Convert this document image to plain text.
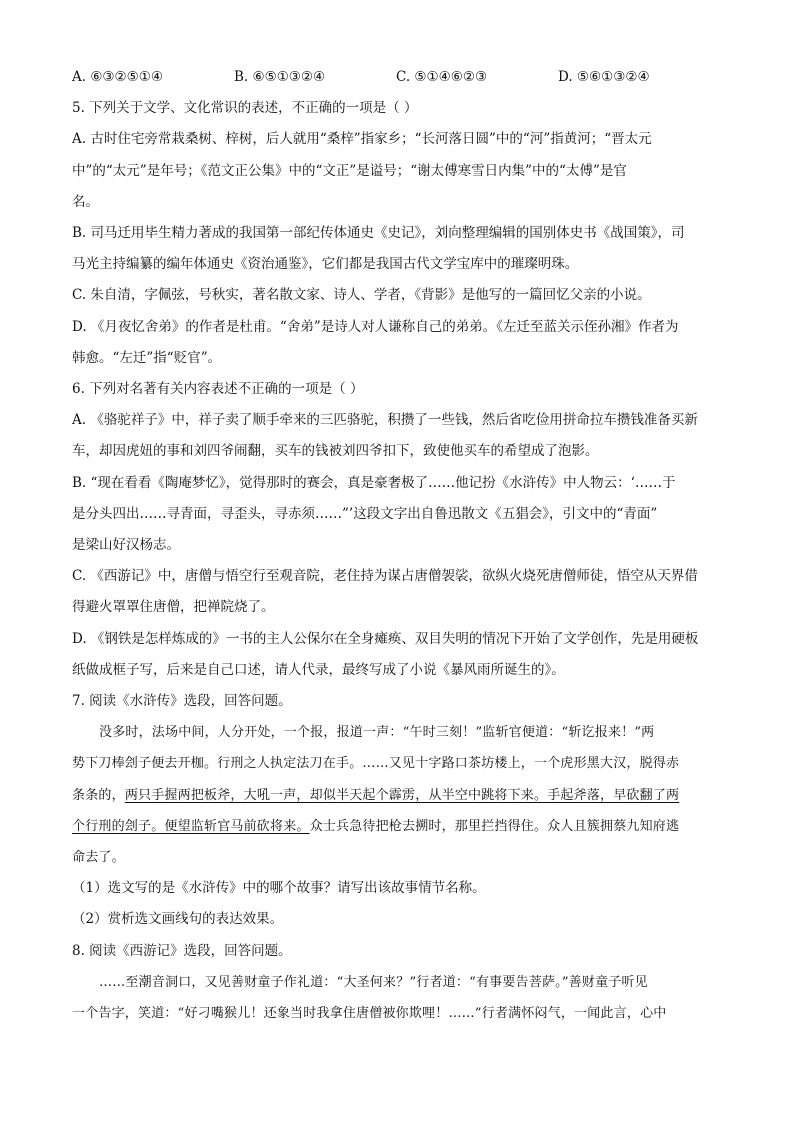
A. ⑥③②⑤①④	B. ⑥⑤①③②④	C. ⑤①④⑥②③	D. ⑤⑥①③②④
5. 下列关于文学、文化常识的表述，不正确的一项是（ ）
A. 古时住宅旁常栽桑树、梓树，后人就用“桑梓”指家乡；“长河落日圆”中的“河”指黄河；“晋太元
中”的“太元”是年号；《范文正公集》中的“文正”是谥号；“谢太傅寒雪日内集”中的“太傅”是官
名。
B. 司马迁用毕生精力著成的我国第一部纪传体通史《史记》，刘向整理编辑的国别体史书《战国策》，司
马光主持编纂的编年体通史《资治通鉴》，它们都是我国古代文学宝库中的璀璨明珠。
C. 朱自清，字佩弦，号秋实，著名散文家、诗人、学者，《背影》是他写的一篇回忆父亲的小说。
D. 《月夜忆舍弟》的作者是杜甫。“舍弟”是诗人对人谦称自己的弟弟。《左迁至蓝关示侄孙湘》作者为
韩愈。“左迁”指“贬官”。
6. 下列对名著有关内容表述不正确的一项是（ ）
A. 《骆驼祥子》中，祥子卖了顺手牵来的三匹骆驼，积攒了一些钱，然后省吃俭用拼命拉车攒钱准备买新
车，却因虎妞的事和刘四爷闹翻，买车的钱被刘四爷扣下，致使他买车的希望成了泡影。
B. “现在看看《陶庵梦忆》，觉得那时的赛会，真是豪奢极了……他记扮《水浒传》中人物云：‘……于
是分头四出……寻青面，寻歪头，寻赤须……”’这段文字出自鲁迅散文《五猖会》，引文中的“青面”
是梁山好汉杨志。
C. 《西游记》中，唐僧与悟空行至观音院，老住持为谋占唐僧袈裟，欲纵火烧死唐僧师徒，悟空从天界借
得避火罩罩住唐僧，把禅院烧了。
D. 《钢铁是怎样炼成的》一书的主人公保尔在全身瘫痪、双目失明的情况下开始了文学创作，先是用硬板
纸做成框子写，后来是自己口述，请人代录，最终写成了小说《暴风雨所诞生的》。
7. 阅读《水浒传》选段，回答问题。
没多时，法场中间，人分开处，一个报，报道一声：“午时三刻！”监斩官便道：“斩讫报来！”两
势下刀棒刽子便去开枷。行刑之人执定法刀在手。……又见十字路口茶坊楼上，一个虎形黑大汉，脱得赤
条条的，两只手握两把板斧，大吼一声，却似半天起个霹雳，从半空中跳将下来。手起斧落，早砍翻了两
个行刑的刽子。便望监斩官马前砍将来。众士兵急待把枪去搠时，那里拦挡得住。众人且簇拥蔡九知府逃
命去了。
（1）选文写的是《水浒传》中的哪个故事？请写出该故事情节名称。
（2）赏析选文画线句的表达效果。
8. 阅读《西游记》选段，回答问题。
……至潮音洞口，又见善财童子作礼道：“大圣何来？”行者道：“有事要告菩萨。”善财童子听见
一个告字，笑道：“好刁嘴猴儿！还象当时我拿住唐僧被你欺哩！……”行者满怀闷气，一闻此言，心中
